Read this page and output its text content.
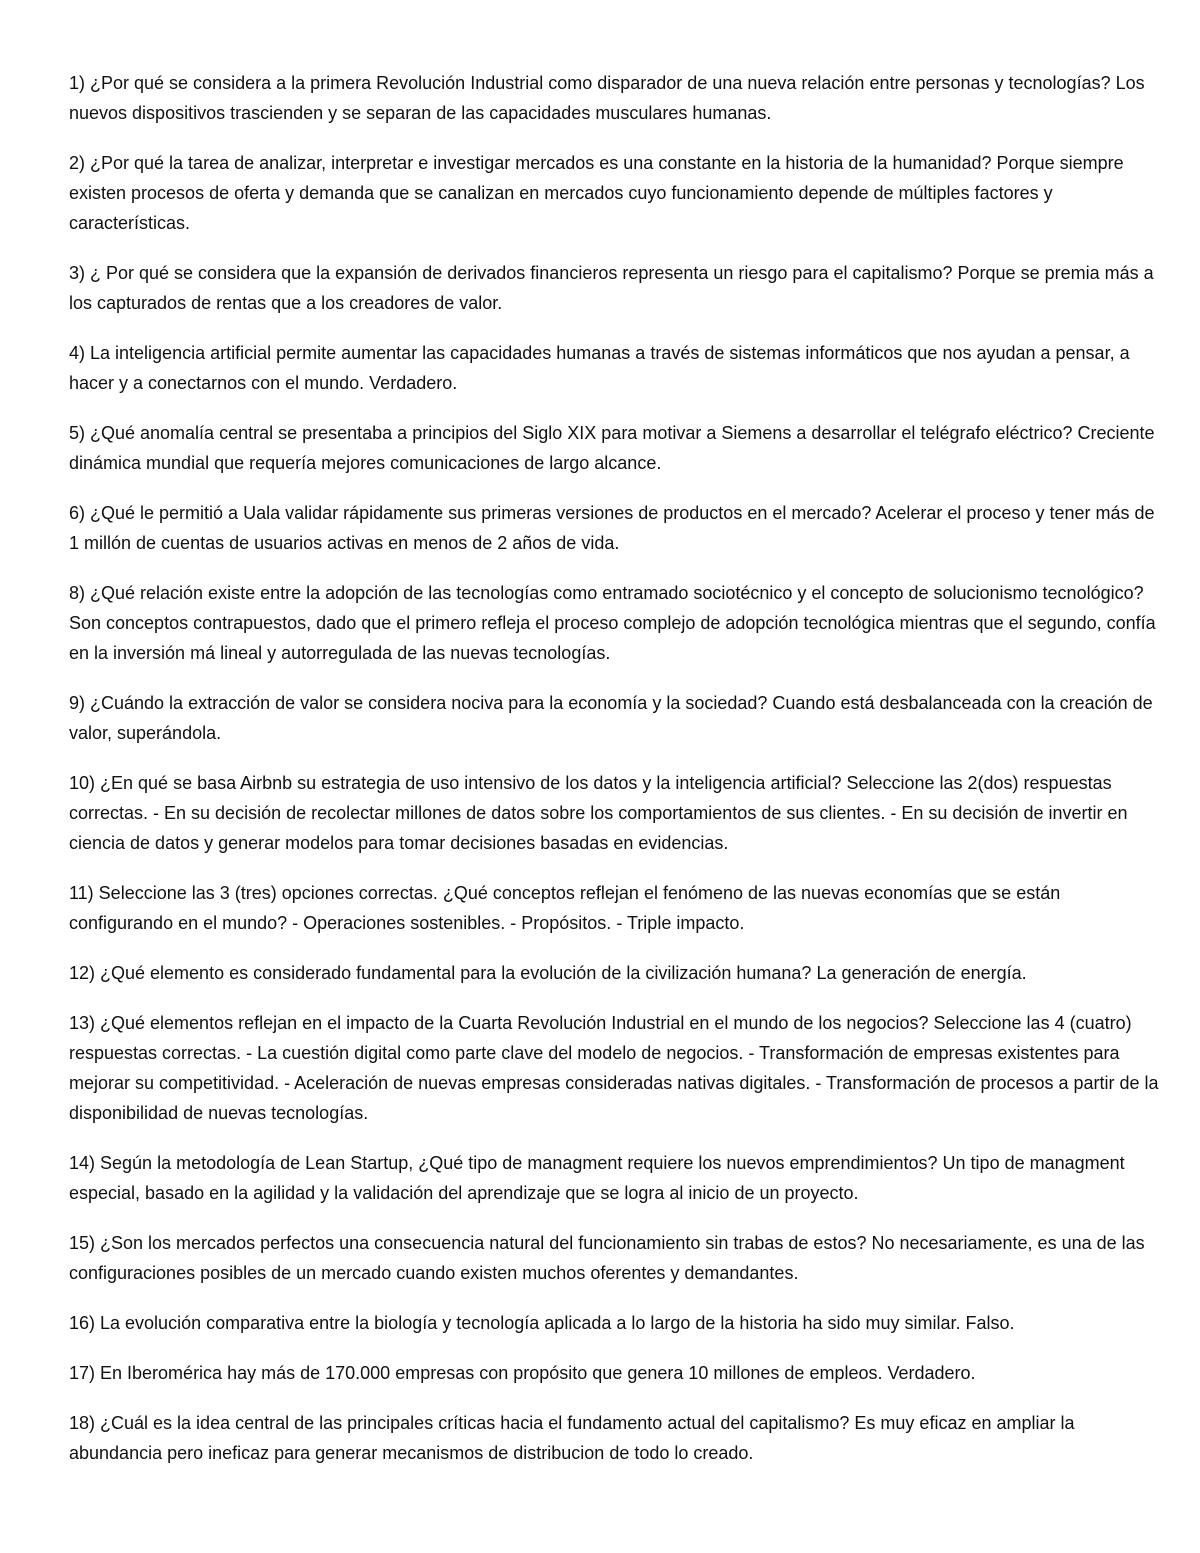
1) ¿Por qué se considera a la primera Revolución Industrial como disparador de una nueva relación entre personas y tecnologías? Los nuevos dispositivos trascienden y se separan de las capacidades musculares humanas.

2) ¿Por qué la tarea de analizar, interpretar e investigar mercados es una constante en la historia de la humanidad? Porque siempre existen procesos de oferta y demanda que se canalizan en mercados cuyo funcionamiento depende de múltiples factores y características.

3) ¿ Por qué se considera que la expansión de derivados financieros representa un riesgo para el capitalismo? Porque se premia más a los capturados de rentas que a los creadores de valor.

4) La inteligencia artificial permite aumentar las capacidades humanas a través de sistemas informáticos que nos ayudan a pensar, a hacer y a conectarnos con el mundo. Verdadero.

5) ¿Qué anomalía central se presentaba a principios del Siglo XIX para motivar a Siemens a desarrollar el telégrafo eléctrico? Creciente dinámica mundial que requería mejores comunicaciones de largo alcance.

6) ¿Qué le permitió a Uala validar rápidamente sus primeras versiones de productos en el mercado? Acelerar el proceso y tener más de 1 millón de cuentas de usuarios activas en menos de 2 años de vida.

8) ¿Qué relación existe entre la adopción de las tecnologías como entramado sociotécnico y el concepto de solucionismo tecnológico? Son conceptos contrapuestos, dado que el primero refleja el proceso complejo de adopción tecnológica mientras que el segundo, confía en la inversión má lineal y autorregulada de las nuevas tecnologías.

9) ¿Cuándo la extracción de valor se considera nociva para la economía y la sociedad? Cuando está desbalanceada con la creación de valor, superándola.

10) ¿En qué se basa Airbnb su estrategia de uso intensivo de los datos y la inteligencia artificial? Seleccione las 2(dos) respuestas correctas. - En su decisión de recolectar millones de datos sobre los comportamientos de sus clientes. - En su decisión de invertir en ciencia de datos y generar modelos para tomar decisiones basadas en evidencias.

11) Seleccione las 3 (tres) opciones correctas. ¿Qué conceptos reflejan el fenómeno de las nuevas economías que se están configurando en el mundo? - Operaciones sostenibles. - Propósitos. - Triple impacto.

12) ¿Qué elemento es considerado fundamental para la evolución de la civilización humana? La generación de energía.

13) ¿Qué elementos reflejan en el impacto de la Cuarta Revolución Industrial en el mundo de los negocios? Seleccione las 4 (cuatro) respuestas correctas. - La cuestión digital como parte clave del modelo de negocios. - Transformación de empresas existentes para mejorar su competitividad. - Aceleración de nuevas empresas consideradas nativas digitales. - Transformación de procesos a partir de la disponibilidad de nuevas tecnologías.

14) Según la metodología de Lean Startup, ¿Qué tipo de managment requiere los nuevos emprendimientos? Un tipo de managment especial, basado en la agilidad y la validación del aprendizaje que se logra al inicio de un proyecto.

15) ¿Son los mercados perfectos una consecuencia natural del funcionamiento sin trabas de estos? No necesariamente, es una de las configuraciones posibles de un mercado cuando existen muchos oferentes y demandantes.

16) La evolución comparativa entre la biología y tecnología aplicada a lo largo de la historia ha sido muy similar. Falso.

17) En Iberomérica hay más de 170.000 empresas con propósito que genera 10 millones de empleos. Verdadero.

18) ¿Cuál es la idea central de las principales críticas hacia el fundamento actual del capitalismo? Es muy eficaz en ampliar la abundancia pero ineficaz para generar mecanismos de distribucion de todo lo creado.
